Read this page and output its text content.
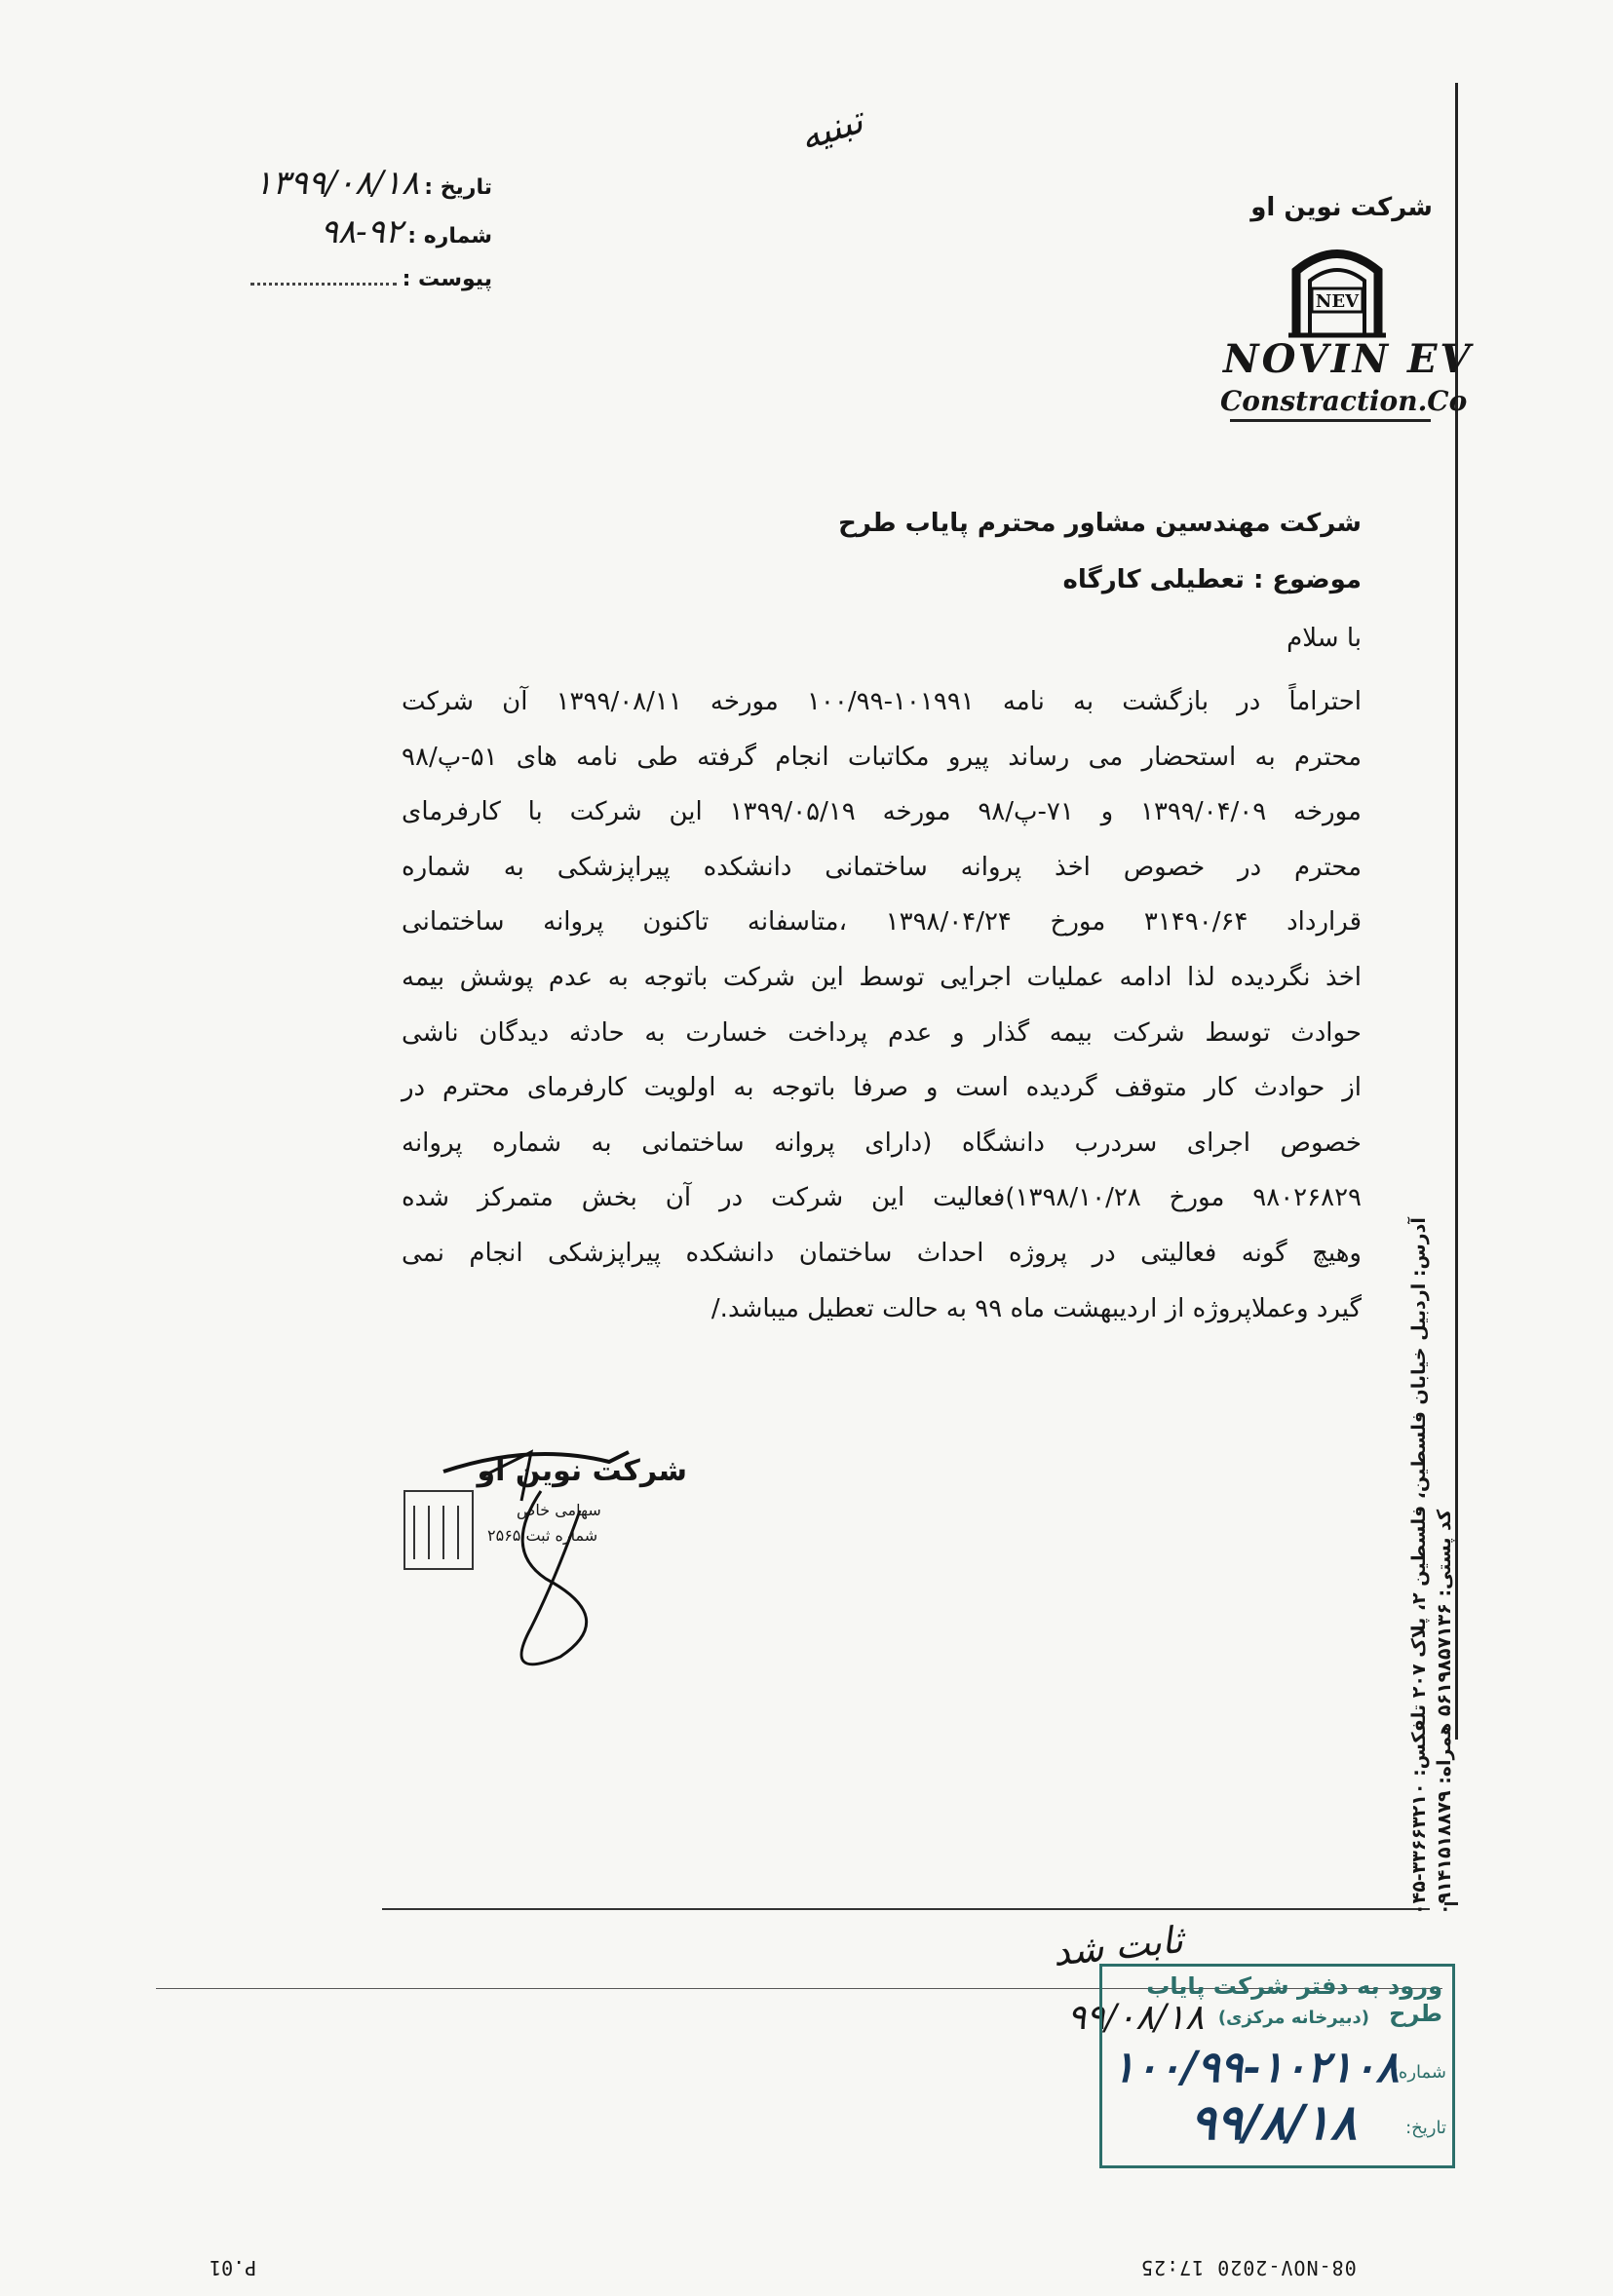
تبنیه
تاریخ : ۱۳۹۹/۰۸/۱۸
شماره : ۹۲-۹۸
پیوست :
شرکت نوین او
NEV
NOVIN EV
Constraction.Co
شرکت مهندسین مشاور محترم پایاب طرح
موضوع : تعطیلی کارگاه
با سلام
احتراماً در بازگشت به نامه ۱۰۱۹۹۱-۱۰۰/۹۹ مورخه ۱۳۹۹/۰۸/۱۱ آن شرکت
محترم به استحضار می رساند پیرو مکاتبات انجام گرفته طی نامه های ۵۱-پ/۹۸
مورخه ۱۳۹۹/۰۴/۰۹ و ۷۱-پ/۹۸ مورخه ۱۳۹۹/۰۵/۱۹ این شرکت با کارفرمای
محترم در خصوص اخذ پروانه ساختمانی دانشکده پیراپزشکی به شماره
قرارداد ۳۱۴۹۰/۶۴ مورخ ۱۳۹۸/۰۴/۲۴ ،متاسفانه تاکنون پروانه ساختمانی
اخذ نگردیده لذا ادامه عملیات اجرایی توسط این شرکت باتوجه به عدم پوشش بیمه
حوادث توسط شرکت بیمه گذار و عدم پرداخت خسارت به حادثه دیدگان ناشی
از حوادث کار متوقف گردیده است و صرفا باتوجه به اولویت کارفرمای محترم در
خصوص اجرای سردرب دانشگاه (دارای پروانه ساختمانی به شماره پروانه
۹۸۰۲۶۸۲۹ مورخ ۱۳۹۸/۱۰/۲۸)فعالیت این شرکت در آن بخش متمرکز شده
وهیچ گونه فعالیتی در پروژه احداث ساختمان دانشکده پیراپزشکی انجام نمی
گیرد وعملاپروژه از اردیبهشت ماه ۹۹ به حالت تعطیل میباشد./
آدرس: اردبیل خیابان فلسطین، فلسطین ۲، پلاک ۲۰۷ تلفکس: ۳۳۶۶۳۲۱۰-۰۴۵
کد پستی: ۵۶۱۹۸۵۷۱۳۶ همراه: ۰۹۱۴۱۵۱۸۸۷۹
شرکت نوین او
سهامی خاص
شماره ثبت ۲۵۶۵
ثابت شد
۹۹/۰۸/۱۸
ورود به دفتر شرکت پایاب طرح
(دبیرخانه مرکزی)
شماره:
تاریخ:
۱۰۰/۹۹-۱۰۲۱۰۸
۹۹/۸/۱۸
08-NOV-2020 17:25
P.01
